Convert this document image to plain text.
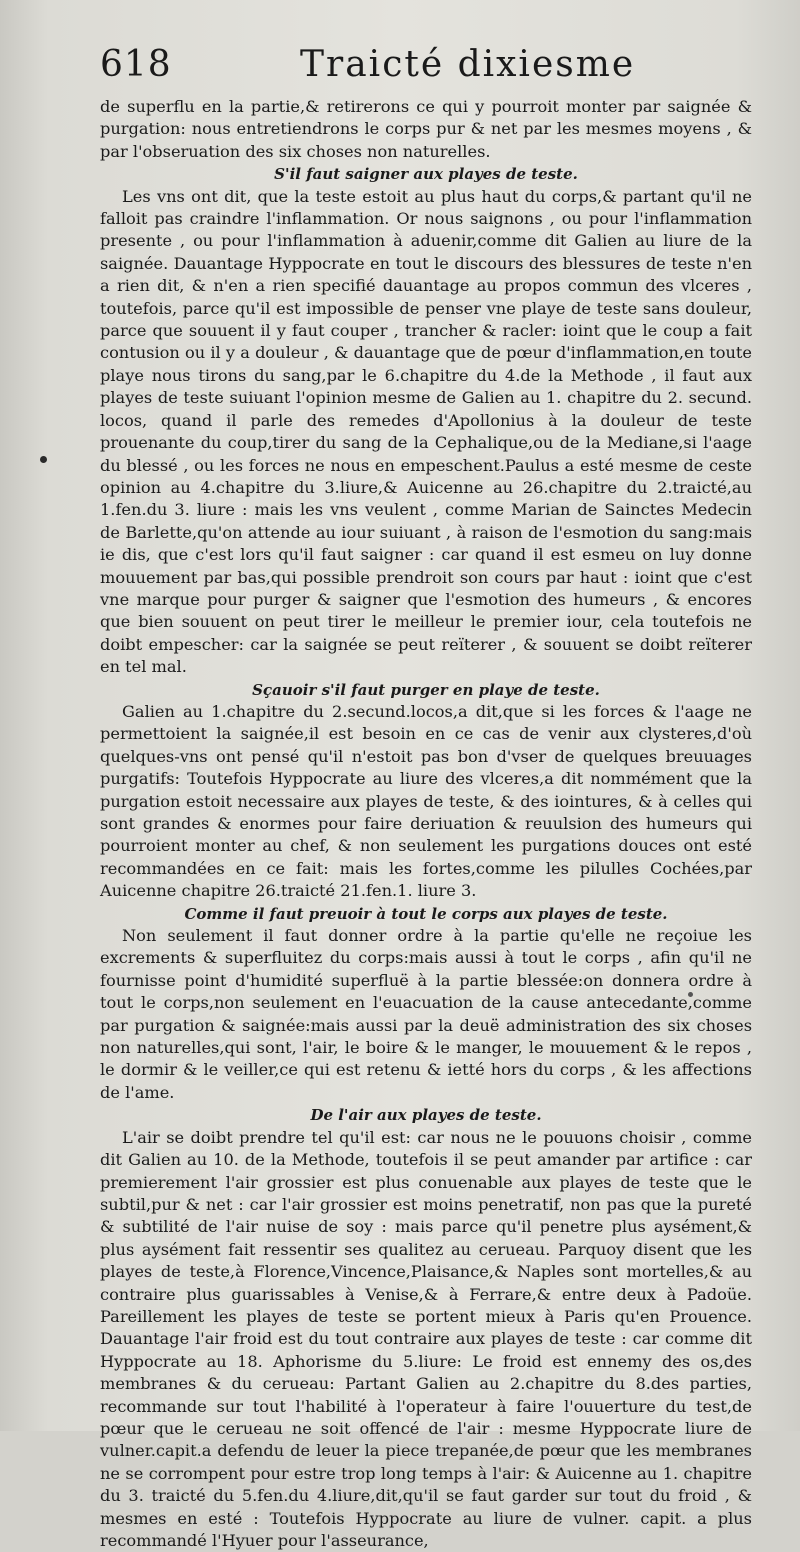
618	Traicté dixiesme

de superflu en la partie,& retirerons ce qui y pourroit monter par saignée & purgation: nous entretiendrons le corps pur & net par les mesmes moyens , & par l'obseruation des six choses non naturelles.

S'il faut saigner aux playes de teste.

Les vns ont dit, que la teste estoit au plus haut du corps,& partant qu'il ne falloit pas craindre l'inflammation. Or nous saignons , ou pour l'inflammation presente , ou pour l'inflammation à aduenir,comme dit Galien au liure de la saignée. Dauantage Hyppocrate en tout le discours des blessures de teste n'en a rien dit, & n'en a rien specifié dauantage au propos commun des vlceres , toutefois, parce qu'il est impossible de penser vne playe de teste sans douleur, parce que souuent il y faut couper , trancher & racler: ioint que le coup a fait contusion ou il y a douleur , & dauantage que de pœur d'inflammation,en toute playe nous tirons du sang,par le 6.chapitre du 4.de la Methode , il faut aux playes de teste suiuant l'opinion mesme de Galien au 1. chapitre du 2. secund. locos, quand il parle des remedes d'Apollonius à la douleur de teste prouenante du coup,tirer du sang de la Cephalique,ou de la Mediane,si l'aage du blessé , ou les forces ne nous en empeschent.Paulus a esté mesme de ceste opinion au 4.chapitre du 3.liure,& Auicenne au 26.chapitre du 2.traicté,au 1.fen.du 3. liure : mais les vns veulent , comme Marian de Sainctes Medecin de Barlette,qu'on attende au iour suiuant , à raison de l'esmotion du sang:mais ie dis, que c'est lors qu'il faut saigner : car quand il est esmeu on luy donne mouuement par bas,qui possible prendroit son cours par haut : ioint que c'est vne marque pour purger & saigner que l'esmotion des humeurs , & encores que bien souuent on peut tirer le meilleur le premier iour, cela toutefois ne doibt empescher: car la saignée se peut reïterer , & souuent se doibt reïterer en tel mal.

Sçauoir s'il faut purger en playe de teste.

Galien au 1.chapitre du 2.secund.locos,a dit,que si les forces & l'aage ne permettoient la saignée,il est besoin en ce cas de venir aux clysteres,d'où quelques-vns ont pensé qu'il n'estoit pas bon d'vser de quelques breuuages purgatifs: Toutefois Hyppocrate au liure des vlceres,a dit nommément que la purgation estoit necessaire aux playes de teste, & des iointures, & à celles qui sont grandes & enormes pour faire deriuation & reuulsion des humeurs qui pourroient monter au chef, & non seulement les purgations douces ont esté recommandées en ce fait: mais les fortes,comme les pilulles Cochées,par Auicenne chapitre 26.traicté 21.fen.1. liure 3.

Comme il faut preuoir à tout le corps aux playes de teste.

Non seulement il faut donner ordre à la partie qu'elle ne reçoiue les excrements & superfluitez du corps:mais aussi à tout le corps , afin qu'il ne fournisse point d'humidité superfluë à la partie blessée:on donnera ordre à tout le corps,non seulement en l'euacuation de la cause antecedante,comme par purgation & saignée:mais aussi par la deuë administration des six choses non naturelles,qui sont, l'air, le boire & le manger, le mouuement & le repos , le dormir & le veiller,ce qui est retenu & ietté hors du corps , & les affections de l'ame.

De l'air aux playes de teste.

L'air se doibt prendre tel qu'il est: car nous ne le pouuons choisir , comme dit Galien au 10. de la Methode, toutefois il se peut amander par artifice : car premierement l'air grossier est plus conuenable aux playes de teste que le subtil,pur & net : car l'air grossier est moins penetratif, non pas que la pureté & subtilité de l'air nuise de soy : mais parce qu'il penetre plus aysément,& plus aysément fait ressentir ses qualitez au cerueau. Parquoy disent que les playes de teste,à Florence,Vincence,Plaisance,& Naples sont mortelles,& au contraire plus guarissables à Venise,& à Ferrare,& entre deux à Padoüe. Pareillement les playes de teste se portent mieux à Paris qu'en Prouence. Dauantage l'air froid est du tout contraire aux playes de teste : car comme dit Hyppocrate au 18. Aphorisme du 5.liure: Le froid est ennemy des os,des membranes & du cerueau: Partant Galien au 2.chapitre du 8.des parties, recommande sur tout l'habilité à l'operateur à faire l'ouuerture du test,de pœur que le cerueau ne soit offencé de l'air : mesme Hyppocrate liure de vulner.capit.a defendu de leuer la piece trepanée,de pœur que les membranes ne se corrompent pour estre trop long temps à l'air: & Auicenne au 1. chapitre du 3. traicté du 5.fen.du 4.liure,dit,qu'il se faut garder sur tout du froid , & mesmes en esté : Toutefois Hyppocrate au liure de vulner. capit. a plus recommandé l'Hyuer pour l'asseurance,
